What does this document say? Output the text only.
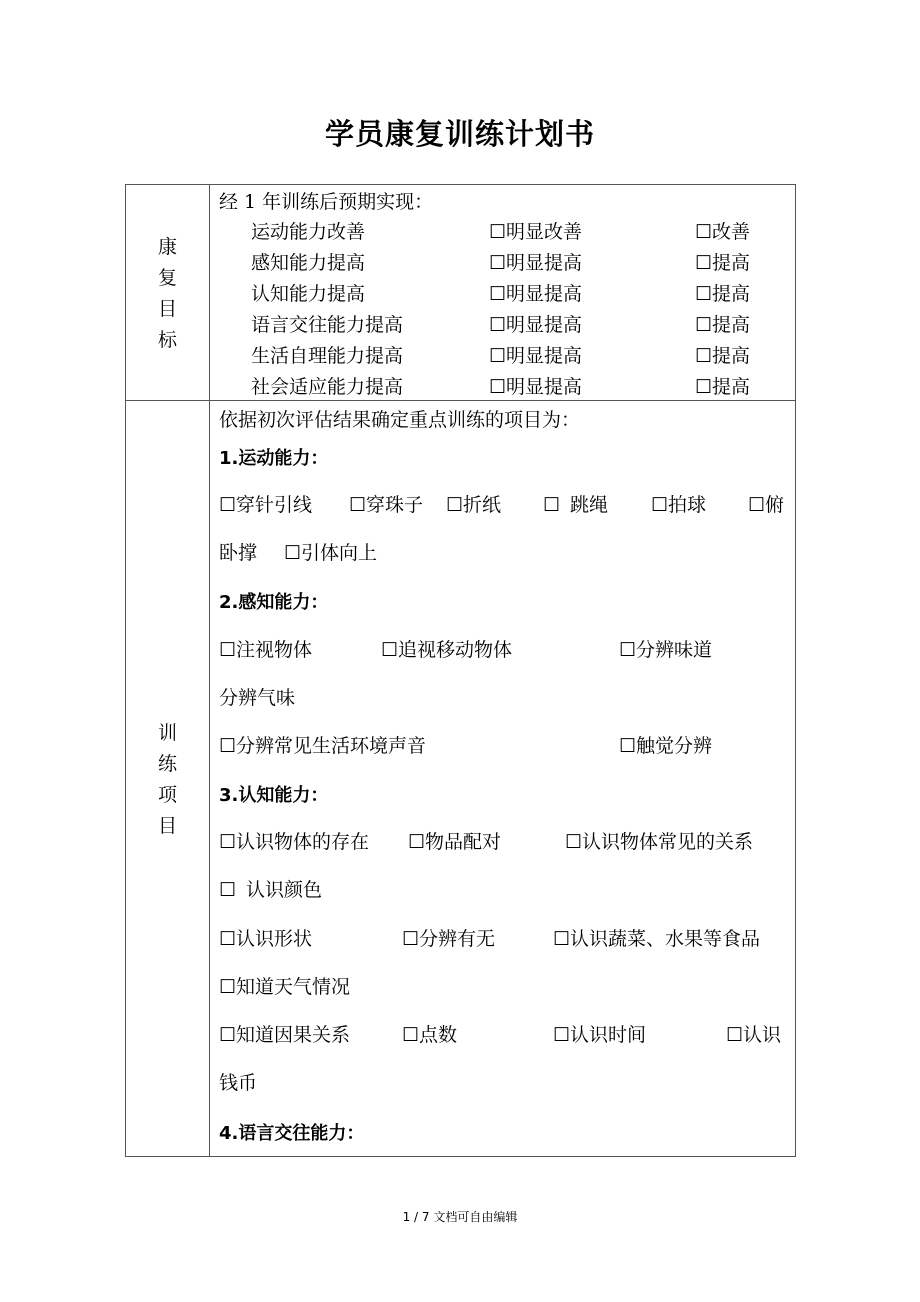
学员康复训练计划书
康
复
目
标
经 1 年训练后预期实现：
运动能力改善	☐ 明显改善	☐ 改善
感知能力提高	☐ 明显提高	☐ 提高
认知能力提高	☐ 明显提高	☐ 提高
语言交往能力提高	☐ 明显提高	☐ 提高
生活自理能力提高	☐ 明显提高	☐ 提高
社会适应能力提高	☐ 明显提高	☐ 提高
训
练
项
目
依据初次评估结果确定重点训练的项目为：
1.运动能力：
☐ 穿针引线	☐ 穿珠子	☐ 折纸 ☐	跳绳	☐ 拍球	☐ 俯
卧撑	☐ 引体向上
2.感知能力：
☐ 注视物体	☐ 追视移动物体	☐ 分辨味道
分辨气味
☐ 分辨常见生活环境声音	☐ 触觉分辨
3.认知能力：
☐ 认识物体的存在	☐ 物品配对	☐ 认识物体常见的关系
☐ 认识颜色
☐ 认识形状	☐ 分辨有无	☐ 认识蔬菜、水果等食品
☐ 知道天气情况
☐ 知道因果关系	☐ 点数	☐ 认识时间	☐ 认识
钱币
4.语言交往能力：
1 / 7 文档可自由编辑
